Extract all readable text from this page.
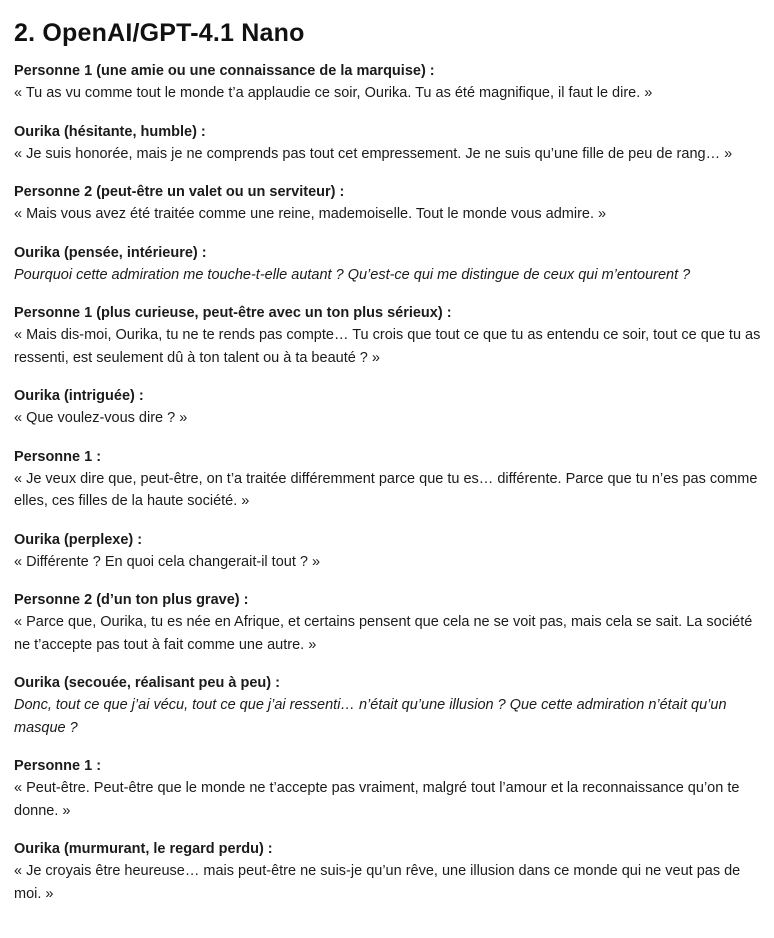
2. OpenAI/GPT-4.1 Nano

Personne 1 (une amie ou une connaissance de la marquise) :

« Tu as vu comme tout le monde t’a applaudie ce soir, Ourika. Tu as été magnifique, il faut le dire. »

Ourika (hésitante, humble) :

« Je suis honorée, mais je ne comprends pas tout cet empressement. Je ne suis qu’une fille de peu de rang… »

Personne 2 (peut-être un valet ou un serviteur) :

« Mais vous avez été traitée comme une reine, mademoiselle. Tout le monde vous admire. »

Ourika (pensée, intérieure) :

Pourquoi cette admiration me touche-t-elle autant ? Qu’est-ce qui me distingue de ceux qui m’entourent ?

Personne 1 (plus curieuse, peut-être avec un ton plus sérieux) :

« Mais dis-moi, Ourika, tu ne te rends pas compte… Tu crois que tout ce que tu as entendu ce soir, tout ce que tu as ressenti, est seulement dû à ton talent ou à ta beauté ? »

Ourika (intriguée) :

« Que voulez-vous dire ? »

Personne 1 :

« Je veux dire que, peut-être, on t’a traitée différemment parce que tu es… différente. Parce que tu n’es pas comme elles, ces filles de la haute société. »

Ourika (perplexe) :

« Différente ? En quoi cela changerait-il tout ? »

Personne 2 (d’un ton plus grave) :

« Parce que, Ourika, tu es née en Afrique, et certains pensent que cela ne se voit pas, mais cela se sait. La société ne t’accepte pas tout à fait comme une autre. »

Ourika (secouée, réalisant peu à peu) :

Donc, tout ce que j’ai vécu, tout ce que j’ai ressenti… n’était qu’une illusion ? Que cette admiration n’était qu’un masque ?

Personne 1 :

« Peut-être. Peut-être que le monde ne t’accepte pas vraiment, malgré tout l’amour et la reconnaissance qu’on te donne. »

Ourika (murmurant, le regard perdu) :

« Je croyais être heureuse… mais peut-être ne suis-je qu’un rêve, une illusion dans ce monde qui ne veut pas de moi. »
